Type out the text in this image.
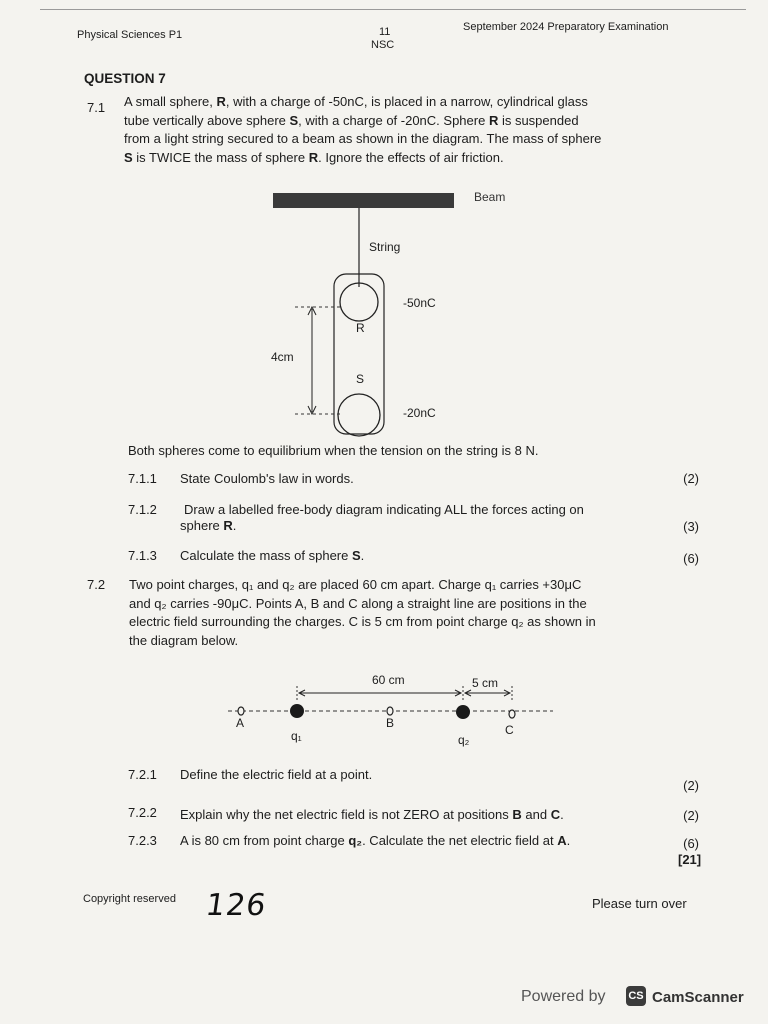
Physical Sciences P1	11
NSC
September 2024 Preparatory Examination
QUESTION 7
7.1 A small sphere, R, with a charge of -50nC, is placed in a narrow, cylindrical glass
tube vertically above sphere S, with a charge of -20nC. Sphere R is suspended
from a light string secured to a beam as shown in the diagram. The mass of sphere
S is TWICE the mass of sphere R. Ignore the effects of air friction.
Beam
String
-50nC
R
S
-20nC
4cm
Both spheres come to equilibrium when the tension on the string is 8 N.
7.1.1 State Coulomb's law in words.	(2)
7.1.2 Draw a labelled free-body diagram indicating ALL the forces acting on
sphere R.	(3)
7.1.3 Calculate the mass of sphere S.	(6)
7.2 Two point charges, q₁ and q₂ are placed 60 cm apart. Charge q₁ carries +30μC
and q₂ carries -90μC. Points A, B and C along a straight line are positions in the
electric field surrounding the charges. C is 5 cm from point charge q₂ as shown in
the diagram below.
60 cm	5 cm
A	B	C
q₁	q₂
7.2.1 Define the electric field at a point.
(2)
7.2.2 Explain why the net electric field is not ZERO at positions B and C.	(2)
7.2.3 A is 80 cm from point charge q₂. Calculate the net electric field at A.	(6)
[21]
Copyright reserved 126	Please turn over
Powered by CS CamScanner
